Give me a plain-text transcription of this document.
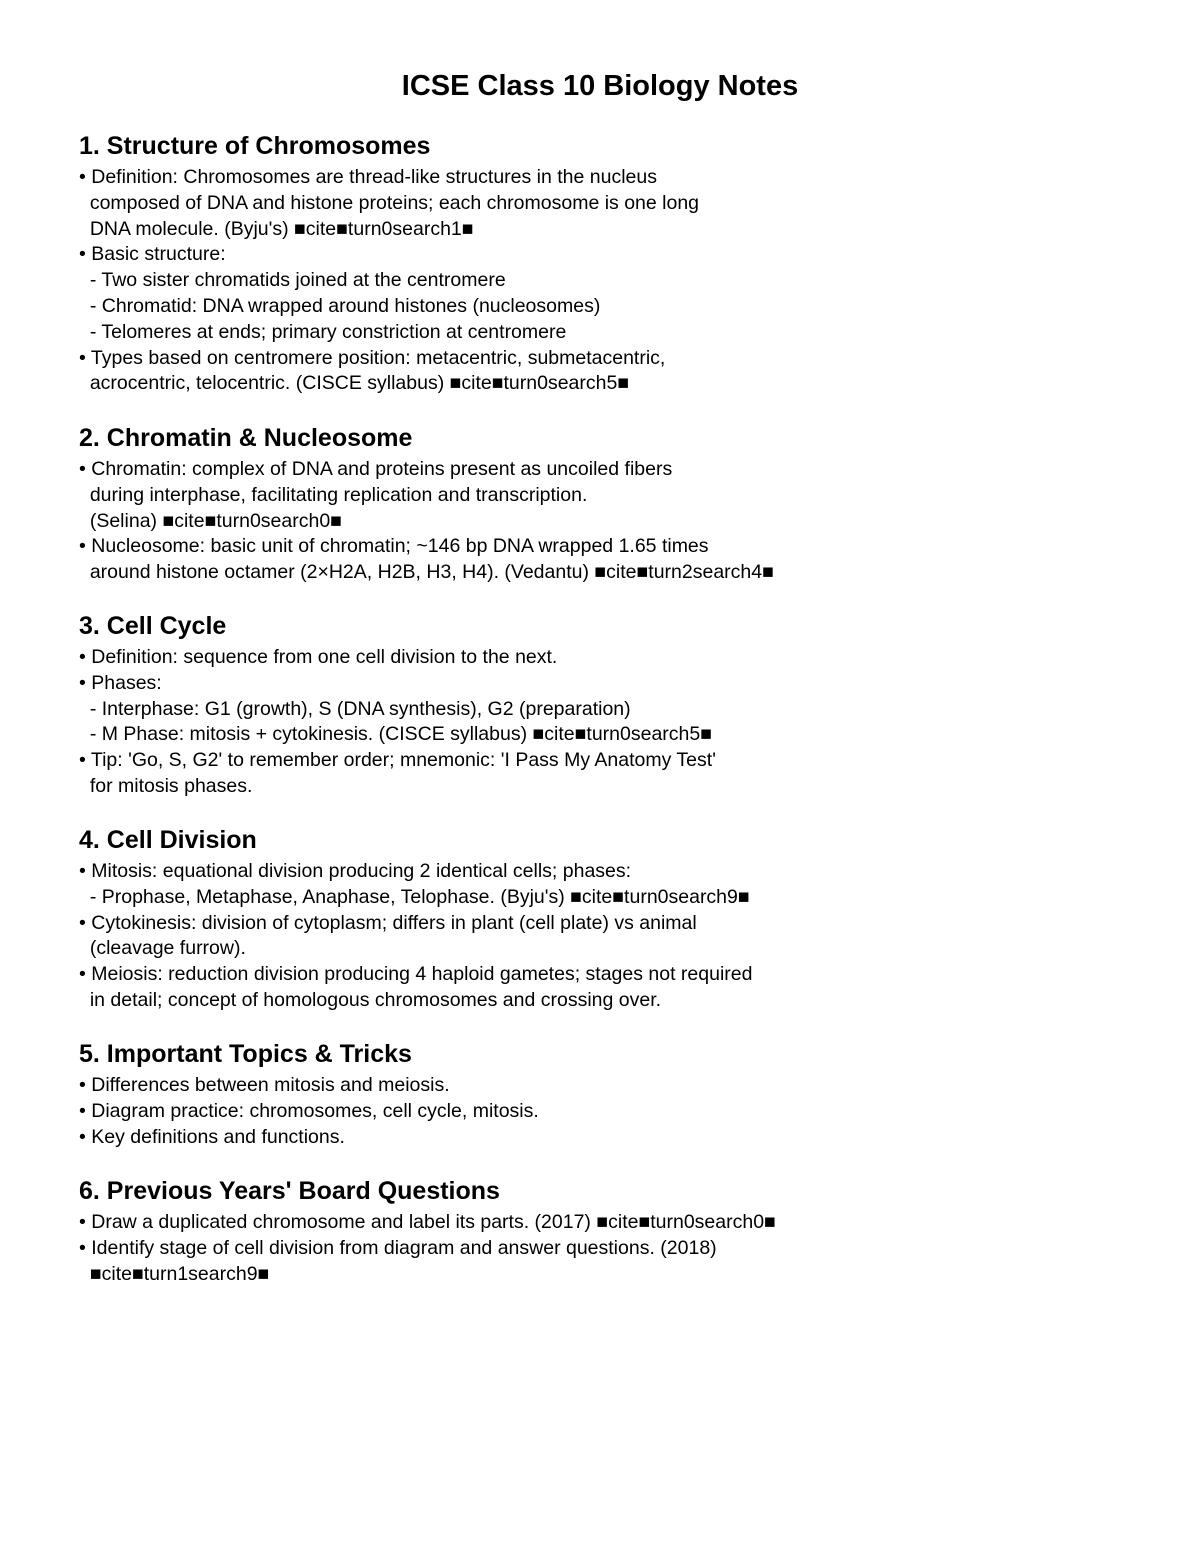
ICSE Class 10 Biology Notes
1. Structure of Chromosomes
• Definition: Chromosomes are thread-like structures in the nucleus
composed of DNA and histone proteins; each chromosome is one long
DNA molecule. (Byju's) ■cite■turn0search1■
• Basic structure:
- Two sister chromatids joined at the centromere
- Chromatid: DNA wrapped around histones (nucleosomes)
- Telomeres at ends; primary constriction at centromere
• Types based on centromere position: metacentric, submetacentric,
acrocentric, telocentric. (CISCE syllabus) ■cite■turn0search5■
2. Chromatin & Nucleosome
• Chromatin: complex of DNA and proteins present as uncoiled fibers
during interphase, facilitating replication and transcription.
(Selina) ■cite■turn0search0■
• Nucleosome: basic unit of chromatin; ~146 bp DNA wrapped 1.65 times
around histone octamer (2×H2A, H2B, H3, H4). (Vedantu) ■cite■turn2search4■
3. Cell Cycle
• Definition: sequence from one cell division to the next.
• Phases:
- Interphase: G1 (growth), S (DNA synthesis), G2 (preparation)
- M Phase: mitosis + cytokinesis. (CISCE syllabus) ■cite■turn0search5■
• Tip: 'Go, S, G2' to remember order; mnemonic: 'I Pass My Anatomy Test'
for mitosis phases.
4. Cell Division
• Mitosis: equational division producing 2 identical cells; phases:
- Prophase, Metaphase, Anaphase, Telophase. (Byju's) ■cite■turn0search9■
• Cytokinesis: division of cytoplasm; differs in plant (cell plate) vs animal
(cleavage furrow).
• Meiosis: reduction division producing 4 haploid gametes; stages not required
in detail; concept of homologous chromosomes and crossing over.
5. Important Topics & Tricks
• Differences between mitosis and meiosis.
• Diagram practice: chromosomes, cell cycle, mitosis.
• Key definitions and functions.
6. Previous Years' Board Questions
• Draw a duplicated chromosome and label its parts. (2017) ■cite■turn0search0■
• Identify stage of cell division from diagram and answer questions. (2018)
■cite■turn1search9■
